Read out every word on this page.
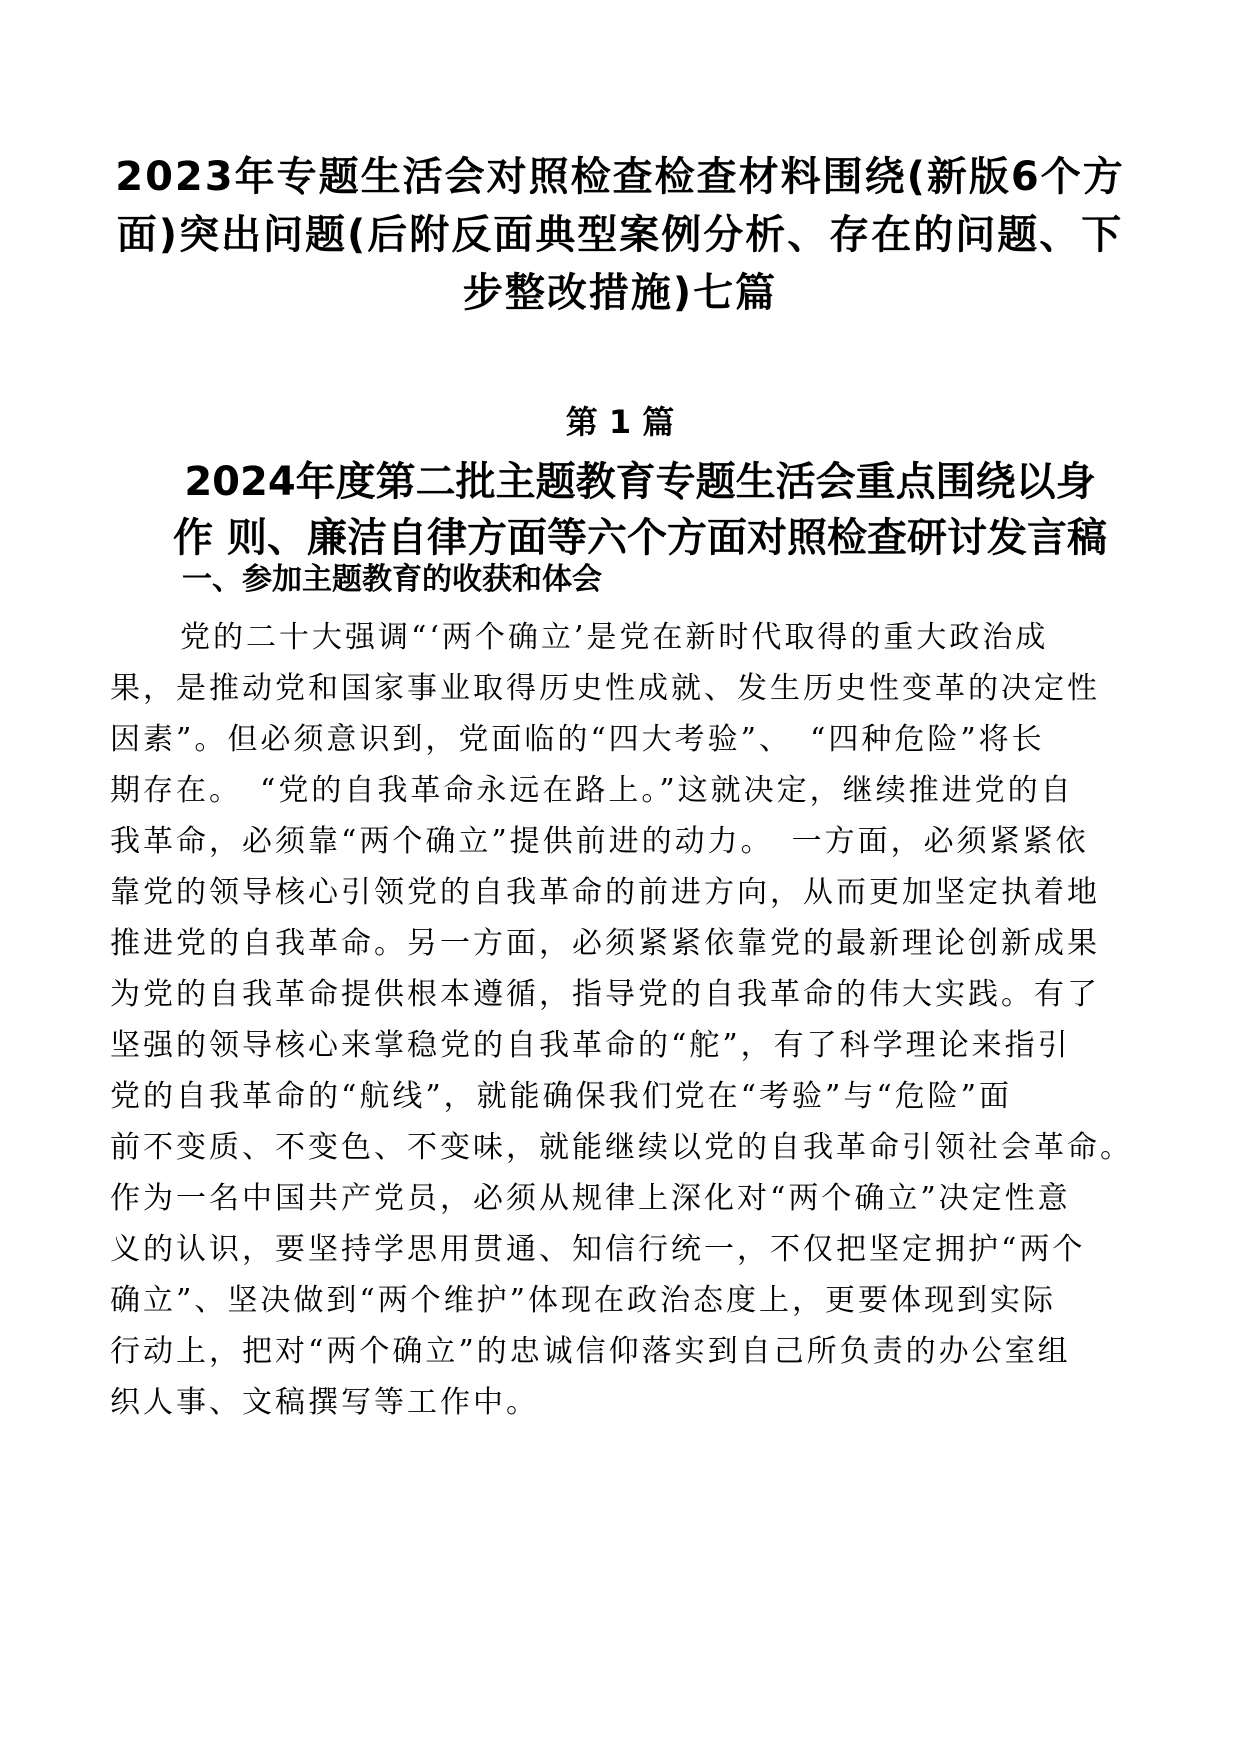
2023年专题生活会对照检查检查材料围绕(新版6个方
面)突出问题(后附反面典型案例分析、存在的问题、下
步整改措施)七篇

第 1 篇

2024年度第二批主题教育专题生活会重点围绕以身
作 则、廉洁自律方面等六个方面对照检查研讨发言稿
一、参加主题教育的收获和体会
党的二十大强调“‘两个确立’是党在新时代取得的重大政治成
果，是推动党和国家事业取得历史性成就、发生历史性变革的决定性
因素”。但必须意识到，党面临的“四大考验”、　“四种危险”将长
期存在。　“党的自我革命永远在路上。”这就决定，继续推进党的自
我革命，必须靠“两个确立”提供前进的动力。　一方面，必须紧紧依
靠党的领导核心引领党的自我革命的前进方向，从而更加坚定执着地
推进党的自我革命。另一方面，必须紧紧依靠党的最新理论创新成果
为党的自我革命提供根本遵循，指导党的自我革命的伟大实践。有了
坚强的领导核心来掌稳党的自我革命的“舵”，有了科学理论来指引
党的自我革命的“航线”，就能确保我们党在“考验”与“危险”面
前不变质、不变色、不变味，就能继续以党的自我革命引领社会革命。
作为一名中国共产党员，必须从规律上深化对“两个确立”决定性意
义的认识，要坚持学思用贯通、知信行统一，不仅把坚定拥护“两个
确立”、坚决做到“两个维护”体现在政治态度上，更要体现到实际
行动上，把对“两个确立”的忠诚信仰落实到自己所负责的办公室组
织人事、文稿撰写等工作中。
